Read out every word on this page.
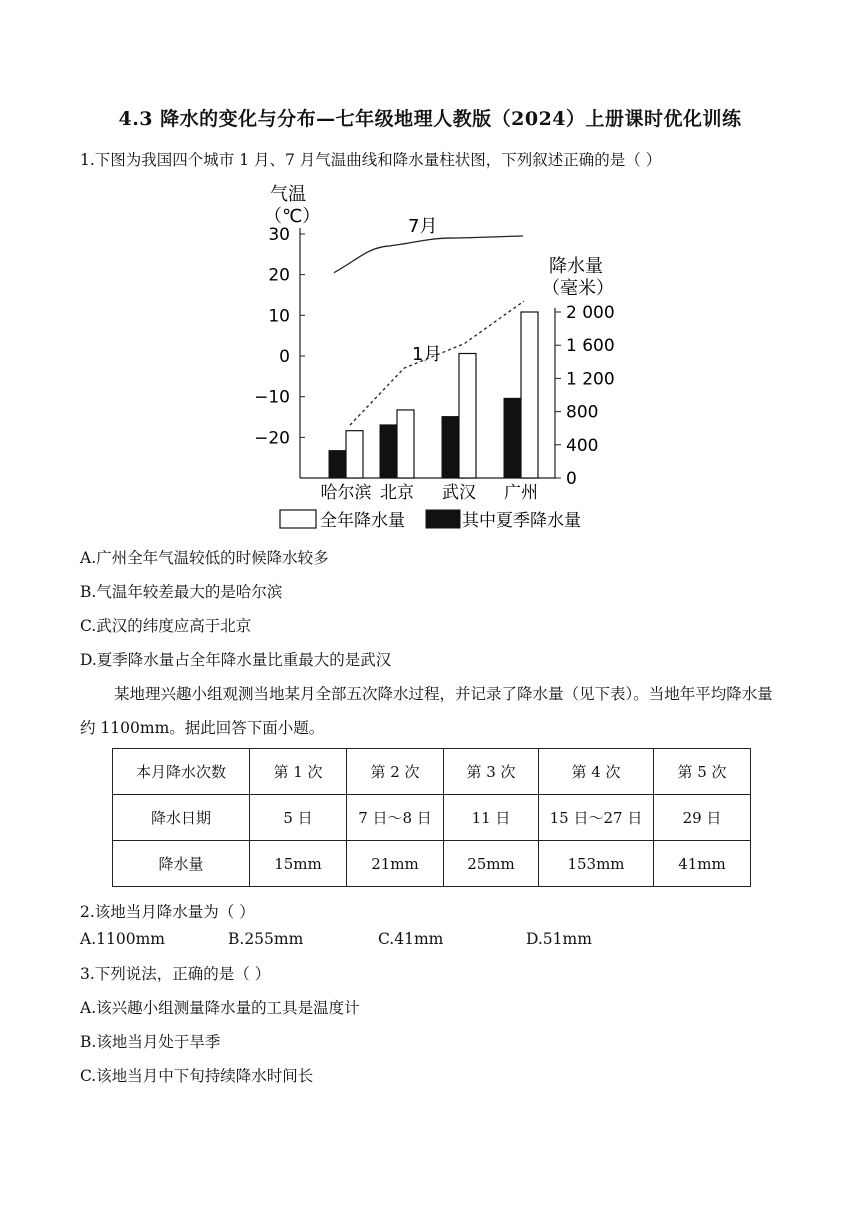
4.3 降水的变化与分布—七年级地理人教版（2024）上册课时优化训练
1.下图为我国四个城市 1 月、7 月气温曲线和降水量柱状图，下列叙述正确的是（ ）
30
20
10
0
−10
−20
2 000
1 600
1 200
800
400
0
气温
（℃）
降水量
（毫米）
哈尔滨 北京 武汉 广州
7月
1月
全年降水量	其中夏季降水量
A.广州全年气温较低的时候降水较多
B.气温年较差最大的是哈尔滨
C.武汉的纬度应高于北京
D.夏季降水量占全年降水量比重最大的是武汉
某地理兴趣小组观测当地某月全部五次降水过程，并记录了降水量（见下表）。当地年平均降水量约 1100mm。据此回答下面小题。
本月降水次数	第 1 次	第 2 次	第 3 次	第 4 次	第 5 次
降水日期	5 日	7 日～8 日	11 日	15 日～27 日	29 日
降水量	15mm	21mm	25mm	153mm	41mm
2.该地当月降水量为（ ）
A.1100mm	B.255mm	C.41mm	D.51mm
3.下列说法，正确的是（ ）
A.该兴趣小组测量降水量的工具是温度计
B.该地当月处于旱季
C.该地当月中下旬持续降水时间长
